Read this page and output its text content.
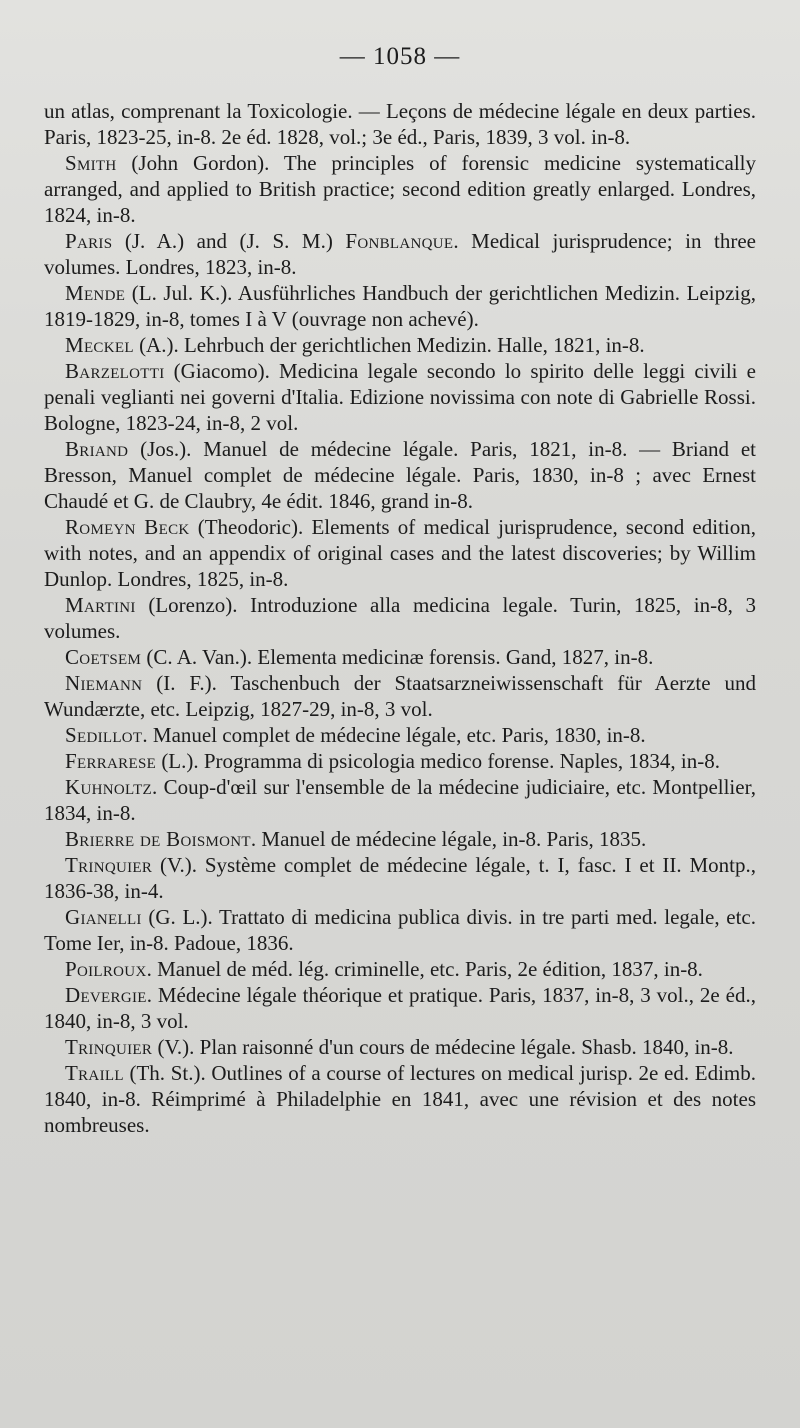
— 1058 —

un atlas, comprenant la Toxicologie. — Leçons de médecine légale en deux parties. Paris, 1823-25, in-8. 2e éd. 1828, vol.; 3e éd., Paris, 1839, 3 vol. in-8.

 Smith (John Gordon). The principles of forensic medicine systematically arranged, and applied to British practice; second edition greatly enlarged. Londres, 1824, in-8.

 Paris (J. A.) and (J. S. M.) Fonblanque. Medical jurisprudence; in three volumes. Londres, 1823, in-8.

 Mende (L. Jul. K.). Ausführliches Handbuch der gerichtlichen Medizin. Leipzig, 1819-1829, in-8, tomes I à V (ouvrage non achevé).

 Meckel (A.). Lehrbuch der gerichtlichen Medizin. Halle, 1821, in-8.

 Barzelotti (Giacomo). Medicina legale secondo lo spirito delle leggi civili e penali veglianti nei governi d'Italia. Edizione novissima con note di Gabrielle Rossi. Bologne, 1823-24, in-8, 2 vol.

 Briand (Jos.). Manuel de médecine légale. Paris, 1821, in-8. — Briand et Bresson, Manuel complet de médecine légale. Paris, 1830, in-8 ; avec Ernest Chaudé et G. de Claubry, 4e édit. 1846, grand in-8.

 Romeyn Beck (Theodoric). Elements of medical jurisprudence, second edition, with notes, and an appendix of original cases and the latest discoveries; by Willim Dunlop. Londres, 1825, in-8.

 Martini (Lorenzo). Introduzione alla medicina legale. Turin, 1825, in-8, 3 volumes.

 Coetsem (C. A. Van.). Elementa medicinæ forensis. Gand, 1827, in-8.

 Niemann (I. F.). Taschenbuch der Staatsarzneiwissenschaft für Aerzte und Wundærzte, etc. Leipzig, 1827-29, in-8, 3 vol.

 Sedillot. Manuel complet de médecine légale, etc. Paris, 1830, in-8.

 Ferrarese (L.). Programma di psicologia medico forense. Naples, 1834, in-8.

 Kuhnoltz. Coup-d'œil sur l'ensemble de la médecine judiciaire, etc. Montpellier, 1834, in-8.

 Brierre de Boismont. Manuel de médecine légale, in-8. Paris, 1835.

 Trinquier (V.). Système complet de médecine légale, t. I, fasc. I et II. Montp., 1836-38, in-4.

 Gianelli (G. L.). Trattato di medicina publica divis. in tre parti med. legale, etc. Tome Ier, in-8. Padoue, 1836.

 Poilroux. Manuel de méd. lég. criminelle, etc. Paris, 2e édition, 1837, in-8.

 Devergie. Médecine légale théorique et pratique. Paris, 1837, in-8, 3 vol., 2e éd., 1840, in-8, 3 vol.

 Trinquier (V.). Plan raisonné d'un cours de médecine légale. Shasb. 1840, in-8.

 Traill (Th. St.). Outlines of a course of lectures on medical jurisp. 2e ed. Edimb. 1840, in-8. Réimprimé à Philadelphie en 1841, avec une révision et des notes nombreuses.
